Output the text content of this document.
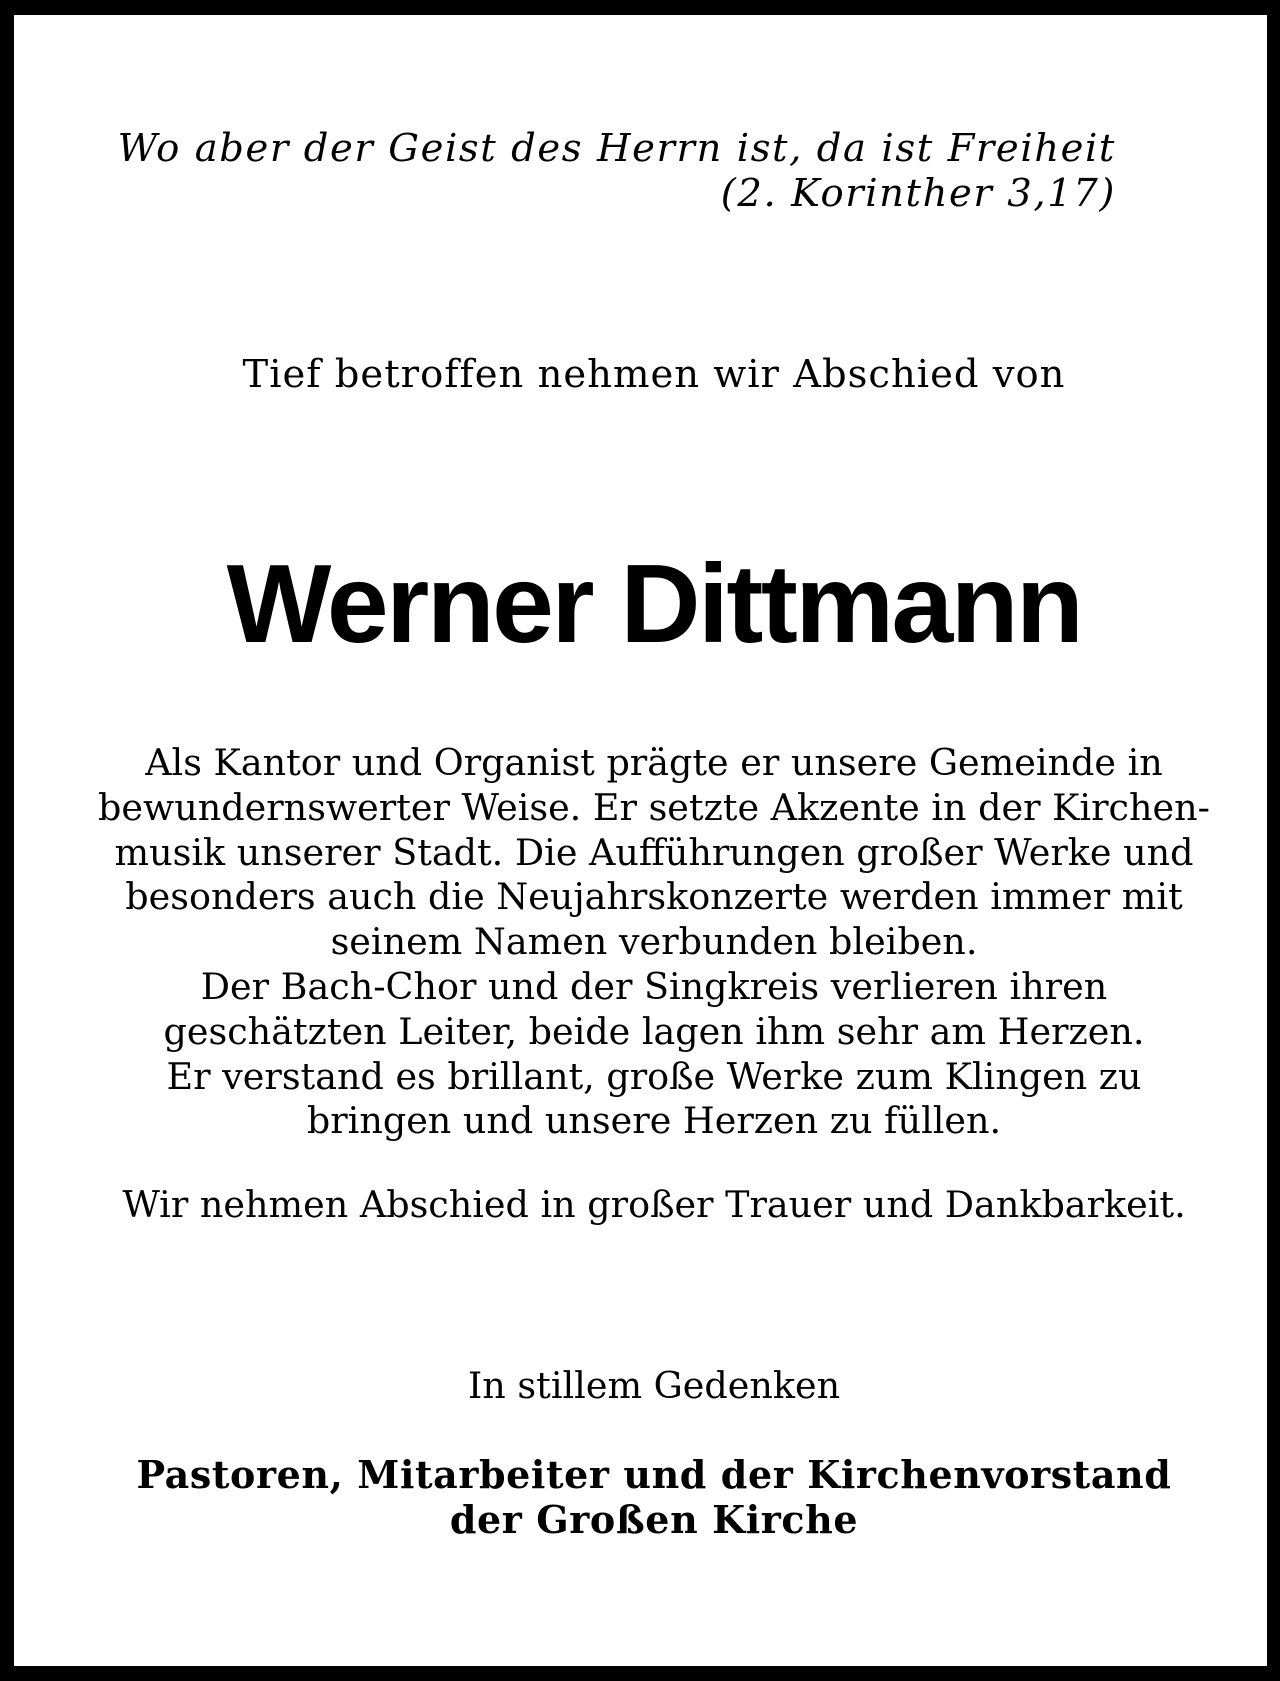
Wo aber der Geist des Herrn ist, da ist Freiheit
(2. Korinther 3,17)
Tief betroffen nehmen wir Abschied von
Werner Dittmann
Als Kantor und Organist prägte er unsere Gemeinde in
bewundernswerter Weise. Er setzte Akzente in der Kirchen-
musik unserer Stadt. Die Aufführungen großer Werke und
besonders auch die Neujahrskonzerte werden immer mit
seinem Namen verbunden bleiben.
Der Bach-Chor und der Singkreis verlieren ihren
geschätzten Leiter, beide lagen ihm sehr am Herzen.
Er verstand es brillant, große Werke zum Klingen zu
bringen und unsere Herzen zu füllen.
Wir nehmen Abschied in großer Trauer und Dankbarkeit.
In stillem Gedenken
Pastoren, Mitarbeiter und der Kirchenvorstand
der Großen Kirche
